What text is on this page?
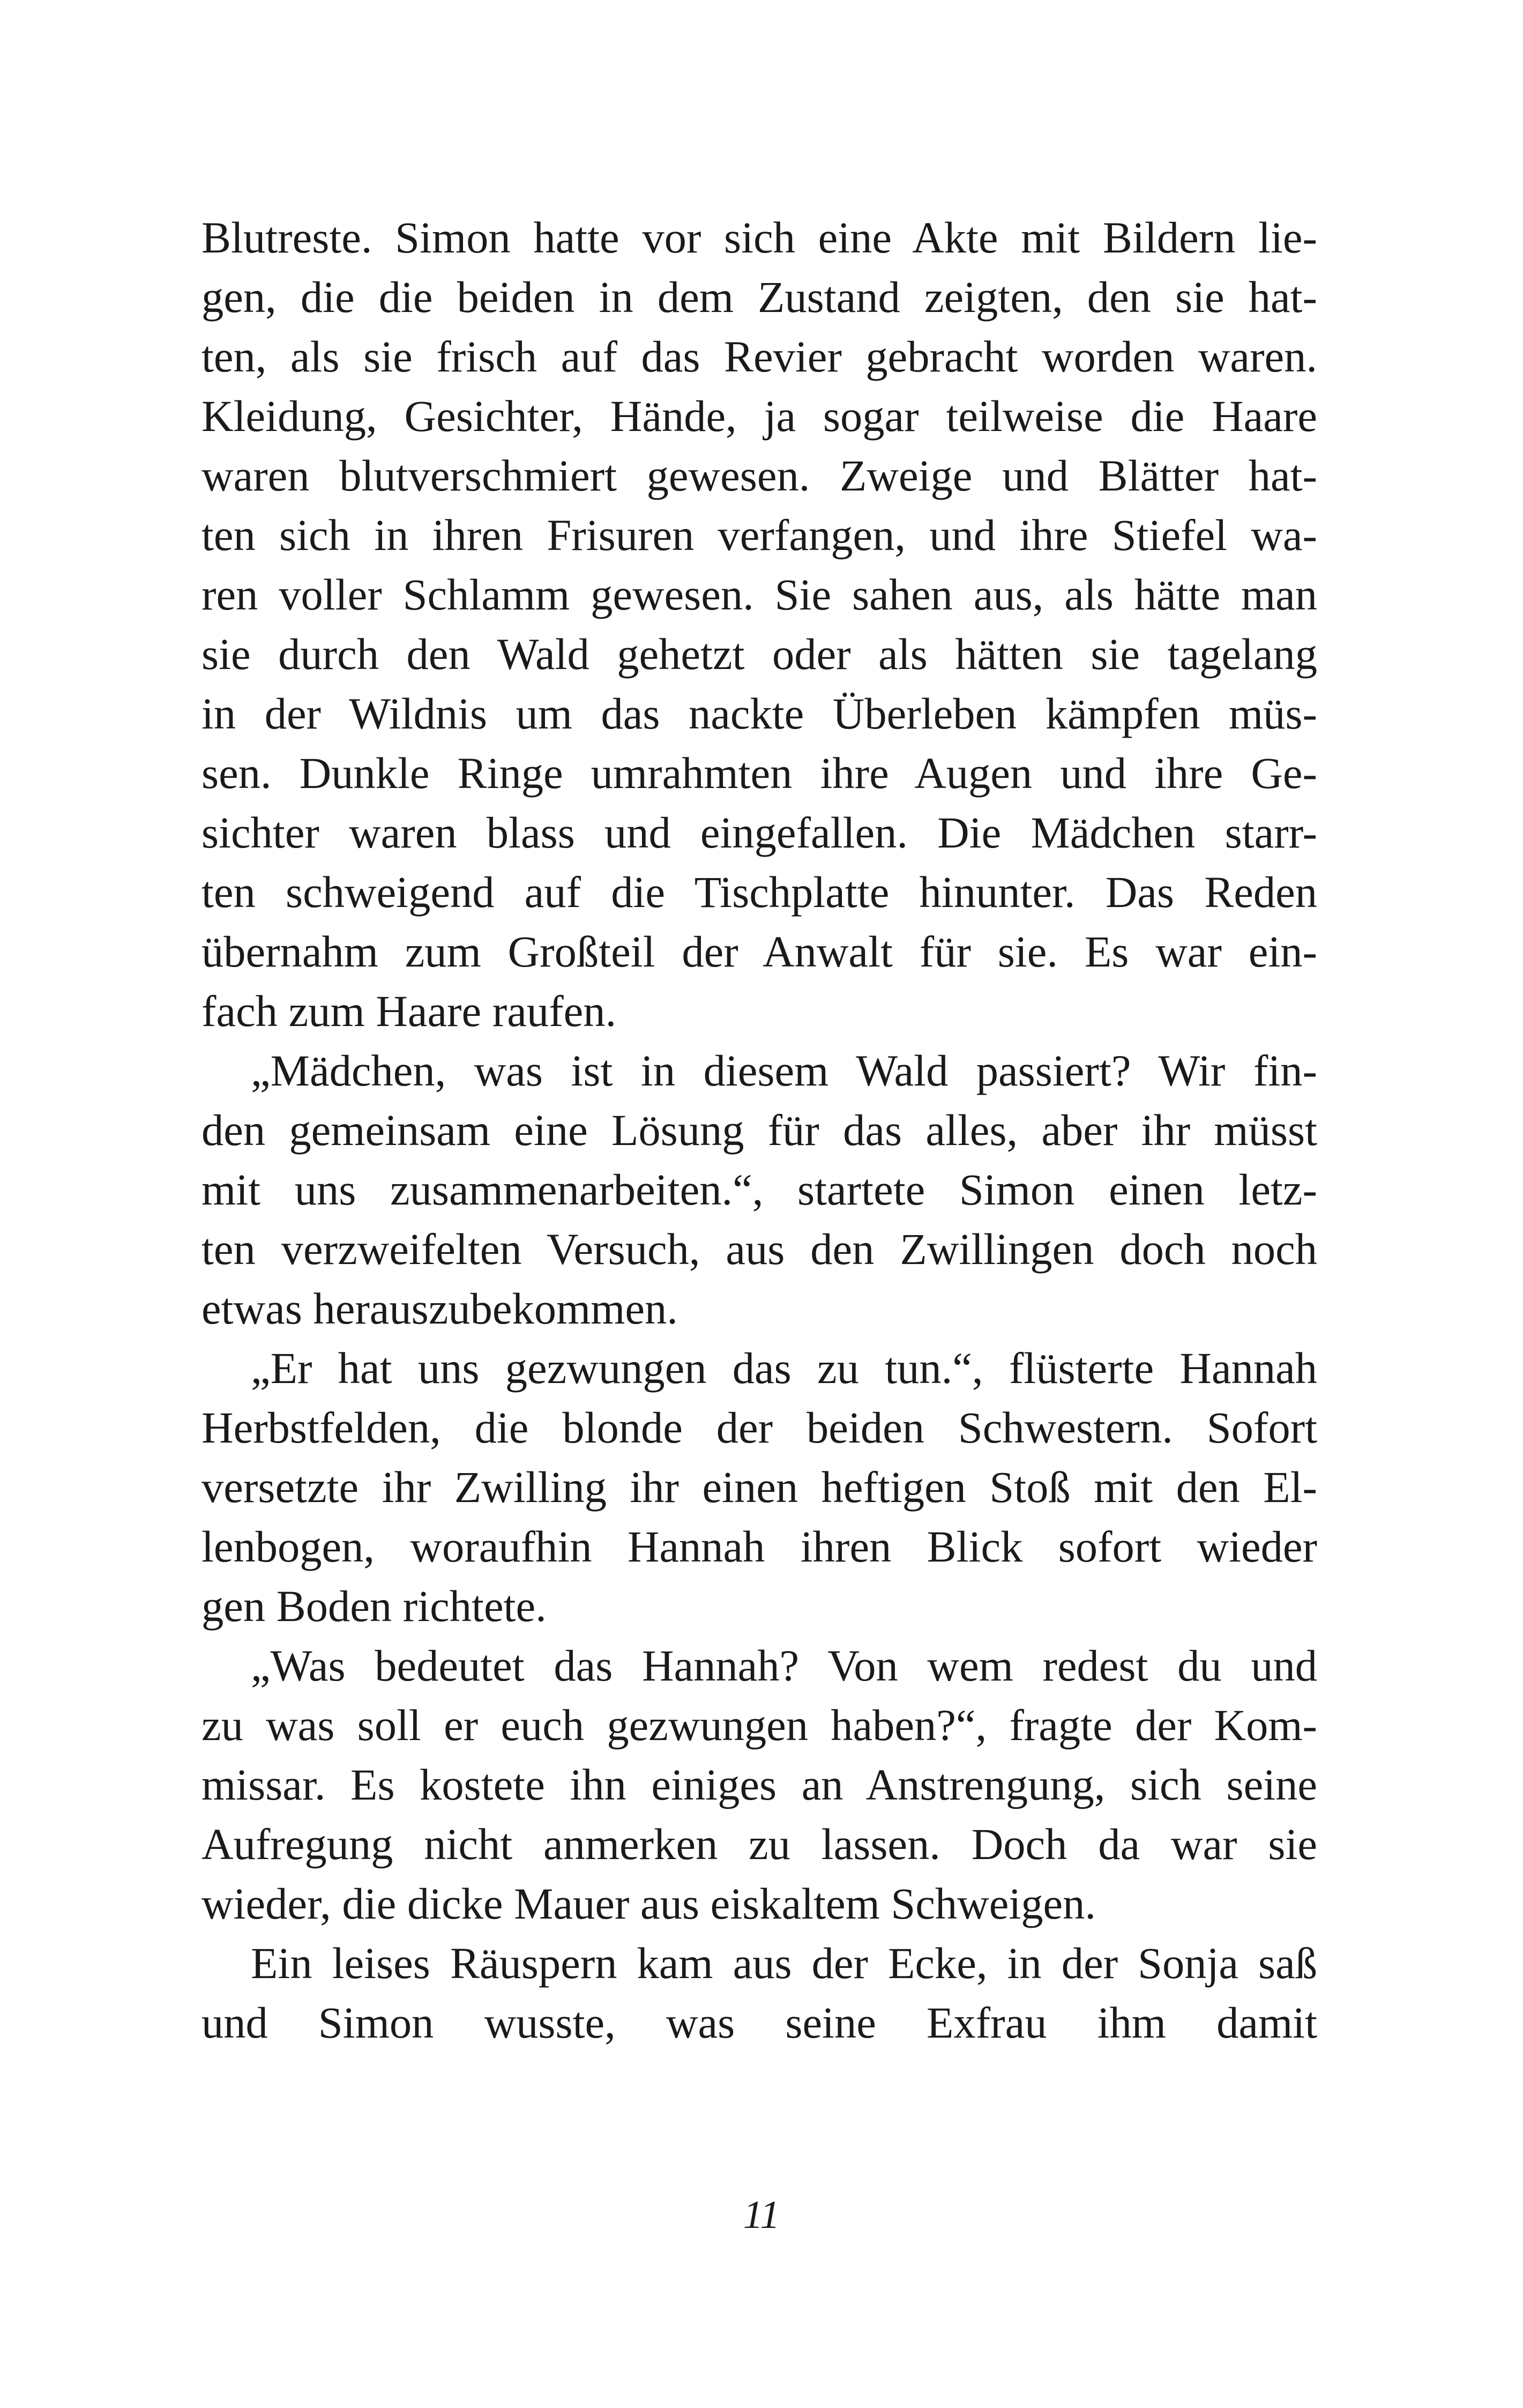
Blutreste. Simon hatte vor sich eine Akte mit Bildern lie-
gen, die die beiden in dem Zustand zeigten, den sie hat-
ten, als sie frisch auf das Revier gebracht worden waren.
Kleidung, Gesichter, Hände, ja sogar teilweise die Haare
waren blutverschmiert gewesen. Zweige und Blätter hat-
ten sich in ihren Frisuren verfangen, und ihre Stiefel wa-
ren voller Schlamm gewesen. Sie sahen aus, als hätte man
sie durch den Wald gehetzt oder als hätten sie tagelang
in der Wildnis um das nackte Überleben kämpfen müs-
sen. Dunkle Ringe umrahmten ihre Augen und ihre Ge-
sichter waren blass und eingefallen. Die Mädchen starr-
ten schweigend auf die Tischplatte hinunter. Das Reden
übernahm zum Großteil der Anwalt für sie. Es war ein-
fach zum Haare raufen.
„Mädchen, was ist in diesem Wald passiert? Wir fin-
den gemeinsam eine Lösung für das alles, aber ihr müsst
mit uns zusammenarbeiten.“, startete Simon einen letz-
ten verzweifelten Versuch, aus den Zwillingen doch noch
etwas herauszubekommen.
„Er hat uns gezwungen das zu tun.“, flüsterte Hannah
Herbstfelden, die blonde der beiden Schwestern. Sofort
versetzte ihr Zwilling ihr einen heftigen Stoß mit den El-
lenbogen, woraufhin Hannah ihren Blick sofort wieder
gen Boden richtete.
„Was bedeutet das Hannah? Von wem redest du und
zu was soll er euch gezwungen haben?“, fragte der Kom-
missar. Es kostete ihn einiges an Anstrengung, sich seine
Aufregung nicht anmerken zu lassen. Doch da war sie
wieder, die dicke Mauer aus eiskaltem Schweigen.
Ein leises Räuspern kam aus der Ecke, in der Sonja saß
und Simon wusste, was seine Exfrau ihm damit
11
